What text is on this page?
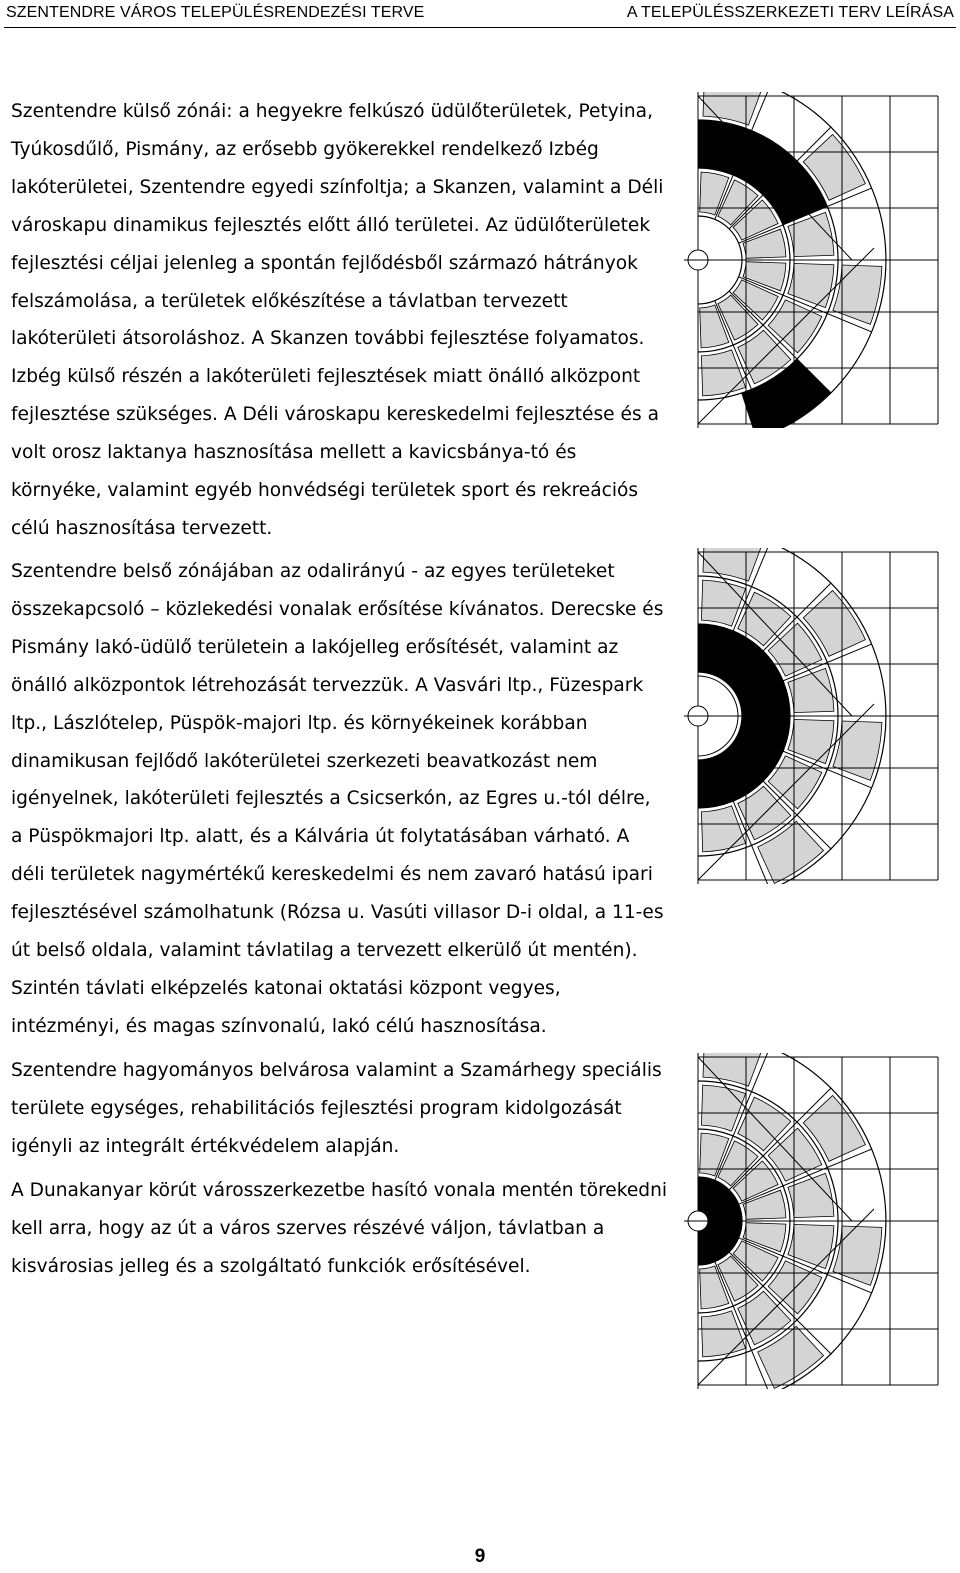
SZENTENDRE VÁROS TELEPÜLÉSRENDEZÉSI TERVE	A TELEPÜLÉSSZERKEZETI TERV LEÍRÁSA
Szentendre külső zónái: a hegyekre felkúszó üdülőterületek, Petyina,
Tyúkosdűlő, Pismány, az erősebb gyökerekkel rendelkező Izbég
lakóterületei, Szentendre egyedi színfoltja; a Skanzen, valamint a Déli
városkapu dinamikus fejlesztés előtt álló területei. Az üdülőterületek
fejlesztési céljai jelenleg a spontán fejlődésből származó hátrányok
felszámolása, a területek előkészítése a távlatban tervezett
lakóterületi átsoroláshoz. A Skanzen további fejlesztése folyamatos.
Izbég külső részén a lakóterületi fejlesztések miatt önálló alközpont
fejlesztése szükséges. A Déli városkapu kereskedelmi fejlesztése és a
volt orosz laktanya hasznosítása mellett a kavicsbánya-tó és
környéke, valamint egyéb honvédségi területek sport és rekreációs
célú hasznosítása tervezett.
Szentendre belső zónájában az odalirányú - az egyes területeket
összekapcsoló – közlekedési vonalak erősítése kívánatos. Derecske és
Pismány lakó-üdülő területein a lakójelleg erősítését, valamint az
önálló alközpontok létrehozását tervezzük. A Vasvári ltp., Füzespark
ltp., Lászlótelep, Püspök-majori ltp. és környékeinek korábban
dinamikusan fejlődő lakóterületei szerkezeti beavatkozást nem
igényelnek, lakóterületi fejlesztés a Csicserkón, az Egres u.-tól délre,
a Püspökmajori ltp. alatt, és a Kálvária út folytatásában várható. A
déli területek nagymértékű kereskedelmi és nem zavaró hatású ipari
fejlesztésével számolhatunk (Rózsa u. Vasúti villasor D-i oldal, a 11-es
út belső oldala, valamint távlatilag a tervezett elkerülő út mentén).
Szintén távlati elképzelés katonai oktatási központ vegyes,
intézményi, és magas színvonalú, lakó célú hasznosítása.
Szentendre hagyományos belvárosa valamint a Szamárhegy speciális
területe egységes, rehabilitációs fejlesztési program kidolgozását
igényli az integrált értékvédelem alapján.
A Dunakanyar körút városszerkezetbe hasító vonala mentén törekedni
kell arra, hogy az út a város szerves részévé váljon, távlatban a
kisvárosias jelleg és a szolgáltató funkciók erősítésével.
9
